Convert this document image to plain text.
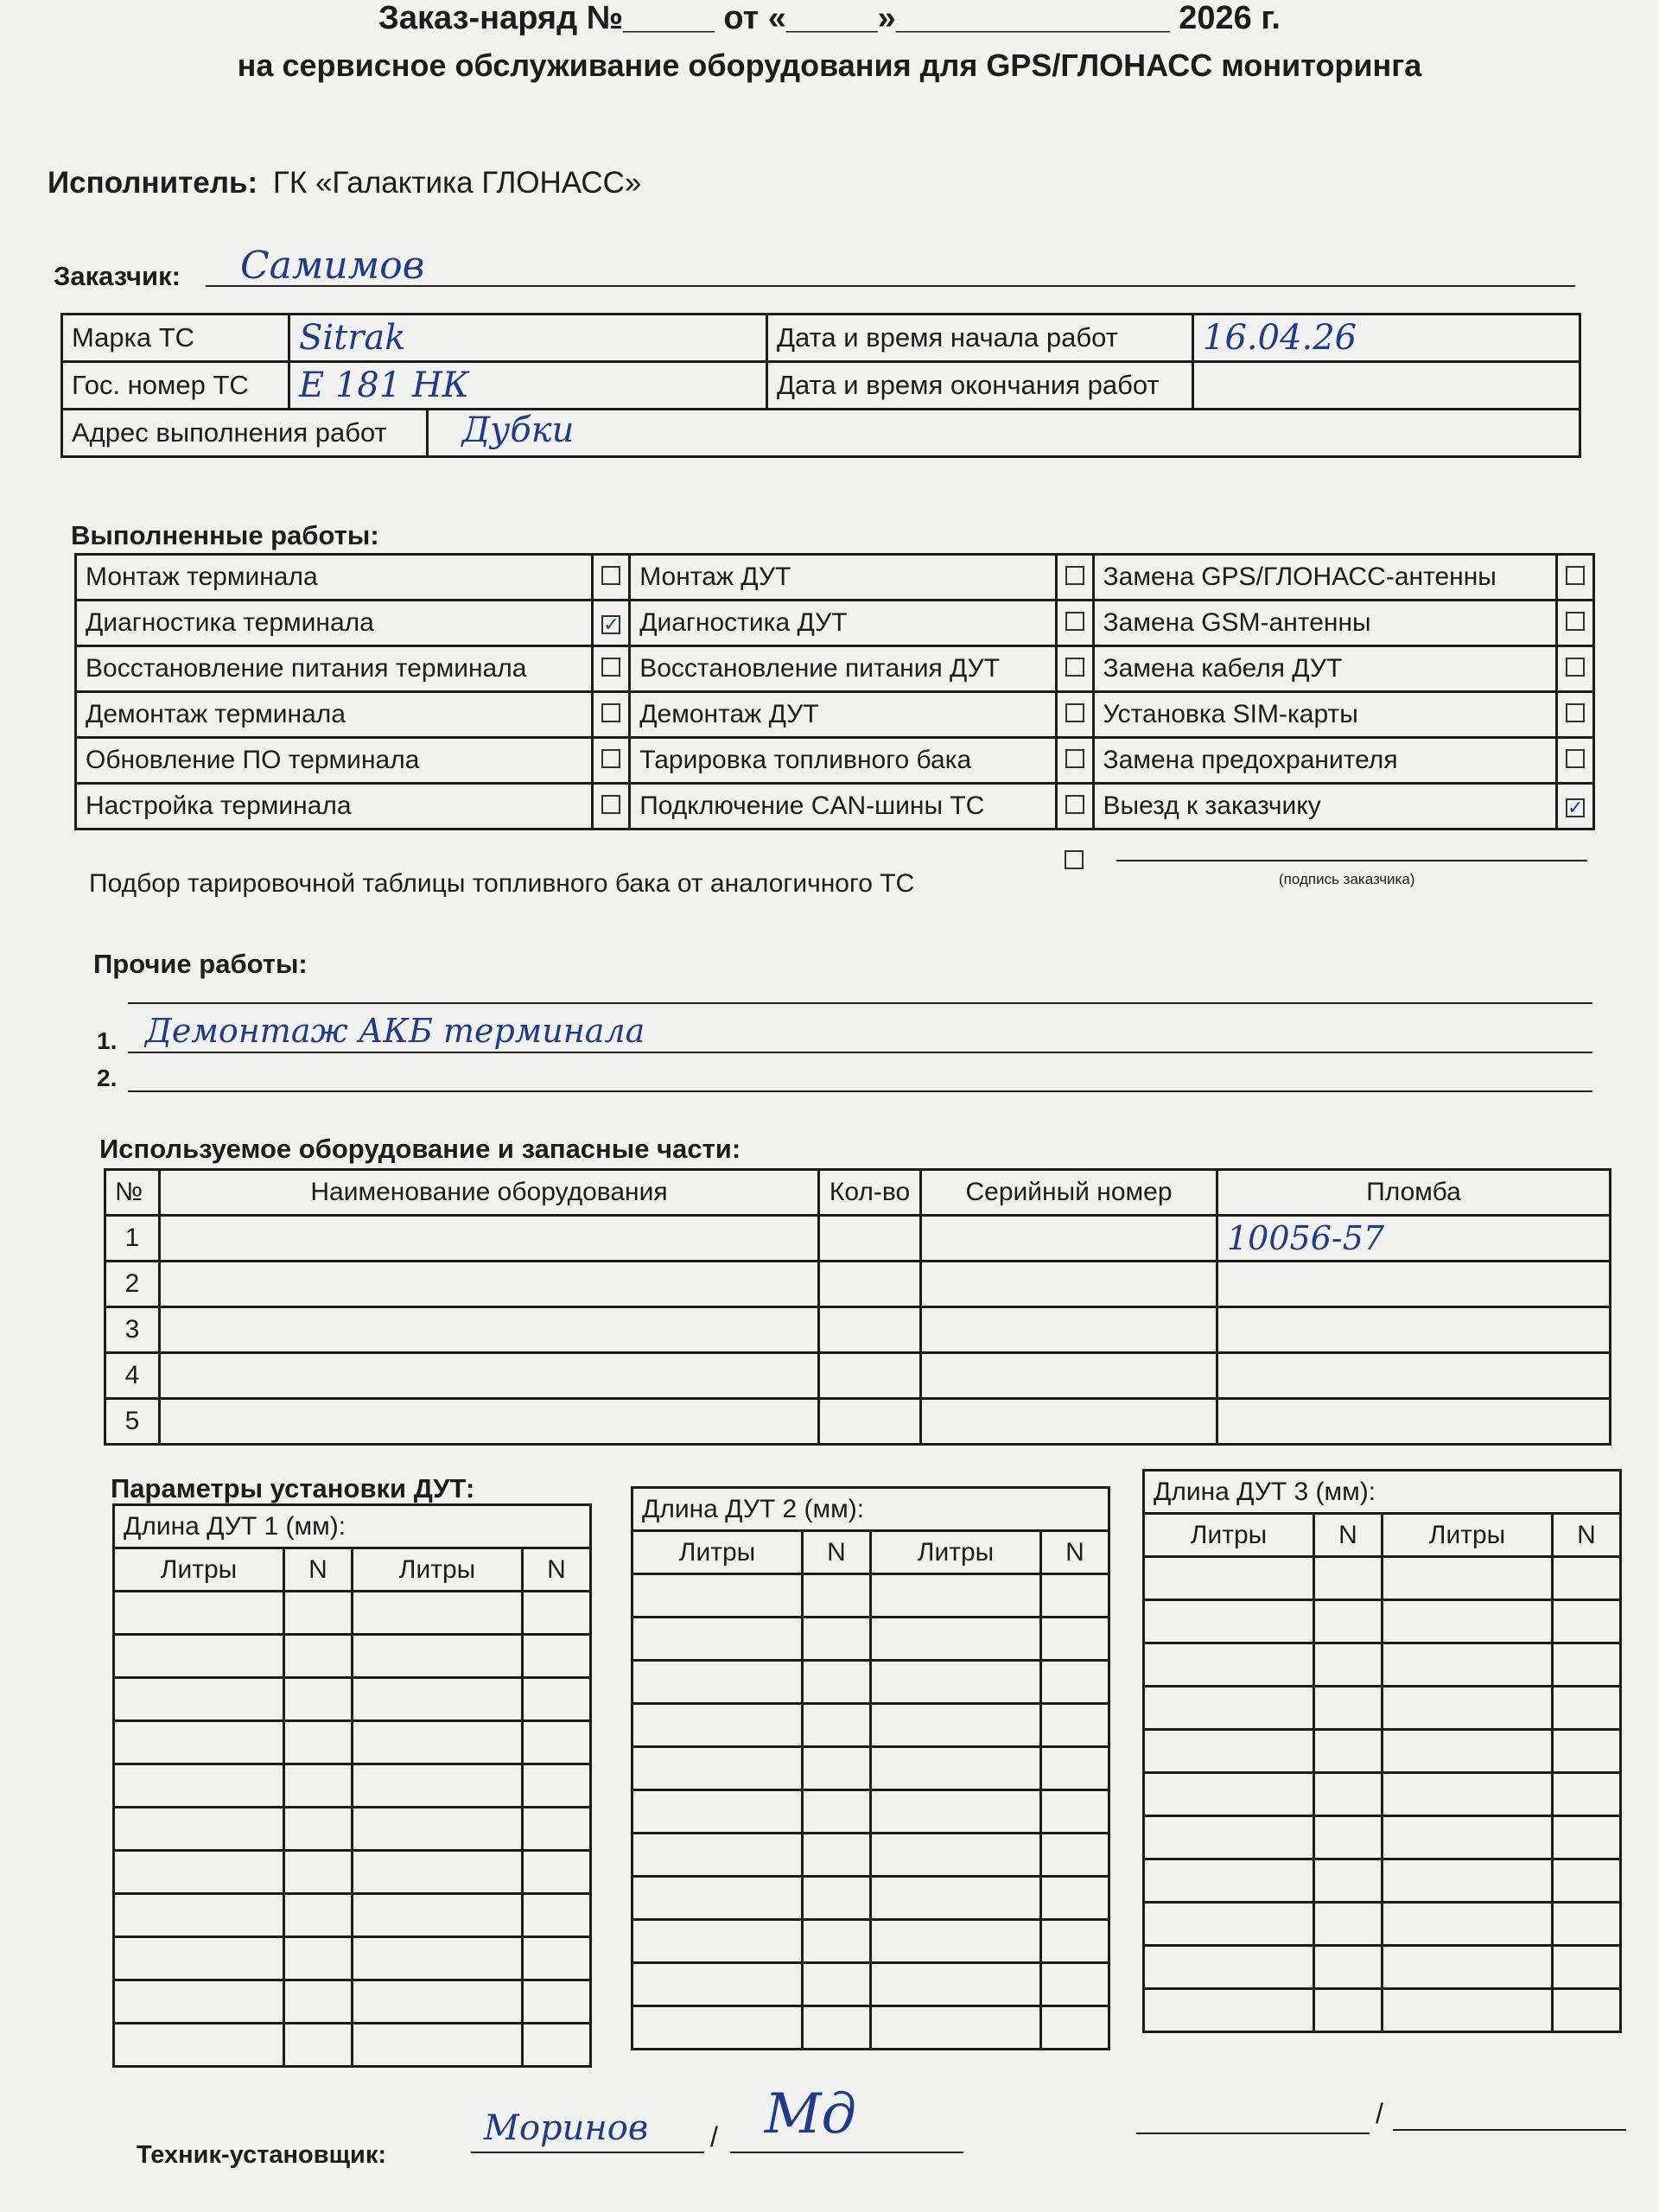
Заказ-наряд №_____ от «_____»_______________ 2026 г.
на сервисное обслуживание оборудования для GPS/ГЛОНАСС мониторинга
Исполнитель: ГК «Галактика ГЛОНАСС»
Заказчик: Самимов
Марка ТС	Sitrak	Дата и время начала работ	16.04.26
Гос. номер ТС	Е 181 НК	Дата и время окончания работ	
Адрес выполнения работ Дубки			
Выполненные работы:
Монтаж терминала		Монтаж ДУТ		Замена GPS/ГЛОНАСС-антенны	
Диагностика терминала	✓	Диагностика ДУТ		Замена GSM-антенны	
Восстановление питания терминала		Восстановление питания ДУТ		Замена кабеля ДУТ	
Демонтаж терминала		Демонтаж ДУТ		Установка SIM-карты	
Обновление ПО терминала		Тарировка топливного бака		Замена предохранителя	
Настройка терминала		Подключение CAN-шины ТС		Выезд к заказчику	✓
Подбор тарировочной таблицы топливного бака от аналогичного ТС	(подпись заказчика)
Прочие работы:
1. Демонтаж АКБ терминала
2.
Используемое оборудование и запасные части:
№	Наименование оборудования	Кол-во	Серийный номер	Пломба
1				10056-57
2				
3				
4				
5				
Параметры установки ДУТ:
Длина ДУТ 1 (мм):			
Литры	N	Литры	N

Длина ДУТ 2 (мм):			
Литры	N	Литры	N

Длина ДУТ 3 (мм):			
Литры	N	Литры	N

Техник-установщик:
Моринов / Мд	/
